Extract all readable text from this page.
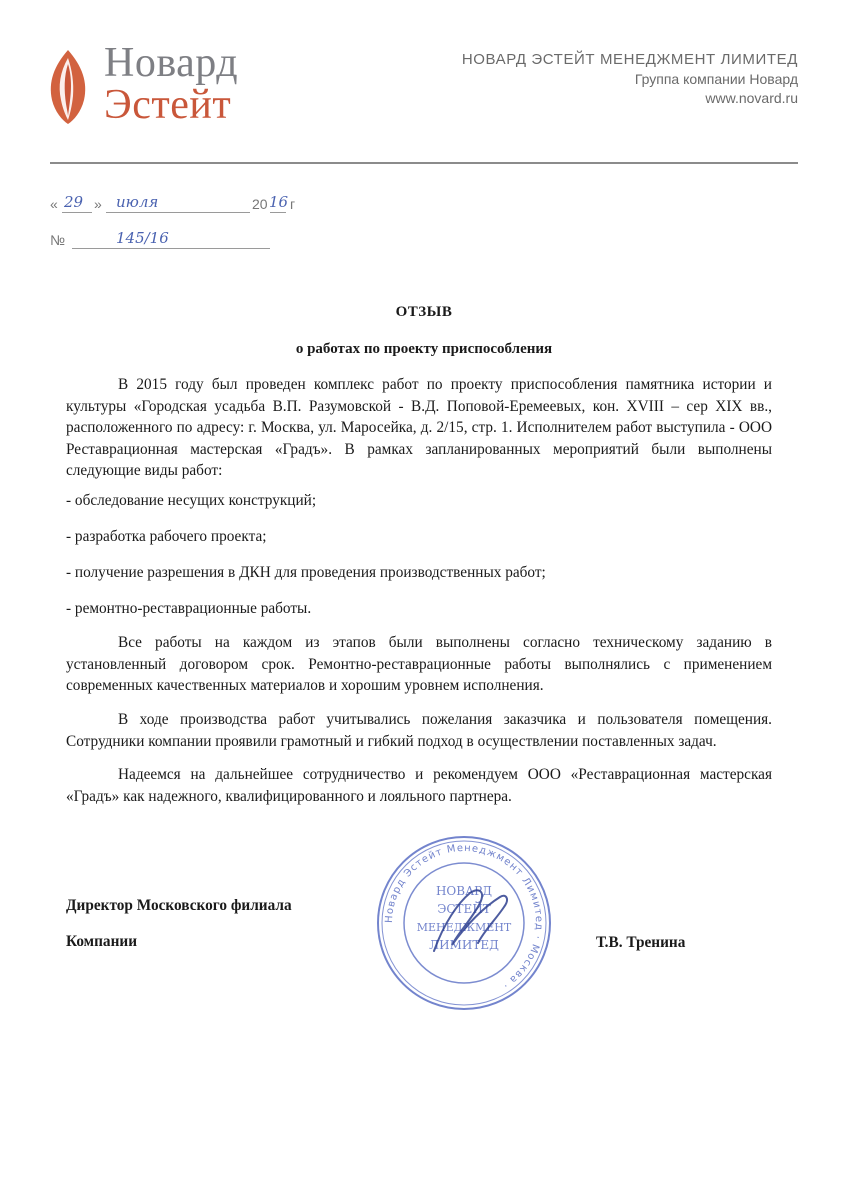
Новард
Эстейт
НОВАРД ЭСТЕЙТ МЕНЕДЖМЕНТ ЛИМИТЕД
Группа компании Новард
www.novard.ru
« 29 » июля	20 16 г
№	145/16
ОТЗЫВ
о работах по проекту приспособления
В 2015 году был проведен комплекс работ по проекту приспособления памятника истории и культуры «Городская усадьба В.П. Разумовской - В.Д. Поповой-Еремеевых, кон. XVIII – сер XIX вв., расположенного по адресу: г. Москва, ул. Маросейка, д. 2/15, стр. 1. Исполнителем работ выступила - ООО Реставрационная мастерская «Градъ». В рамках запланированных мероприятий были выполнены следующие виды работ:
- обследование несущих конструкций;
- разработка рабочего проекта;
- получение разрешения в ДКН для проведения производственных работ;
- ремонтно-реставрационные работы.
Все работы на каждом из этапов были выполнены согласно техническому заданию в установленный договором срок. Ремонтно-реставрационные работы выполнялись с применением современных качественных материалов и хорошим уровнем исполнения.
В ходе производства работ учитывались пожелания заказчика и пользователя помещения. Сотрудники компании проявили грамотный и гибкий подход в осуществлении поставленных задач.
Надеемся на дальнейшее сотрудничество и рекомендуем ООО «Реставрационная мастерская «Градъ» как надежного, квалифицированного и лояльного партнера.
Директор Московского филиала
Компании	Т.В. Тренина
Новард Эстейт Менеджмент Лимитед · Москва ·
НОВАРД
ЭСТЕЙТ
МЕНЕДЖМЕНТ
ЛИМИТЕД
